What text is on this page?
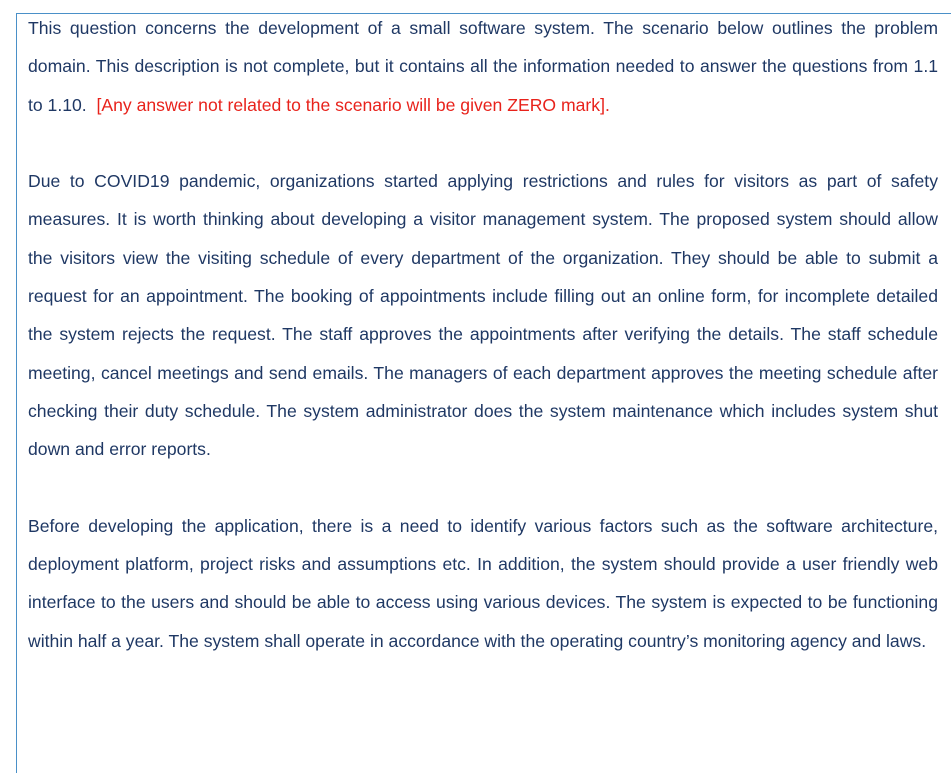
This question concerns the development of a small software system. The scenario below outlines the problem domain. This description is not complete, but it contains all the information needed to answer the questions from 1.1 to 1.10. [Any answer not related to the scenario will be given ZERO mark].

Due to COVID19 pandemic, organizations started applying restrictions and rules for visitors as part of safety measures. It is worth thinking about developing a visitor management system. The proposed system should allow the visitors view the visiting schedule of every department of the organization. They should be able to submit a request for an appointment. The booking of appointments include filling out an online form, for incomplete detailed the system rejects the request. The staff approves the appointments after verifying the details. The staff schedule meeting, cancel meetings and send emails. The managers of each department approves the meeting schedule after checking their duty schedule. The system administrator does the system maintenance which includes system shut down and error reports.

Before developing the application, there is a need to identify various factors such as the software architecture, deployment platform, project risks and assumptions etc. In addition, the system should provide a user friendly web interface to the users and should be able to access using various devices. The system is expected to be functioning within half a year. The system shall operate in accordance with the operating country’s monitoring agency and laws.
